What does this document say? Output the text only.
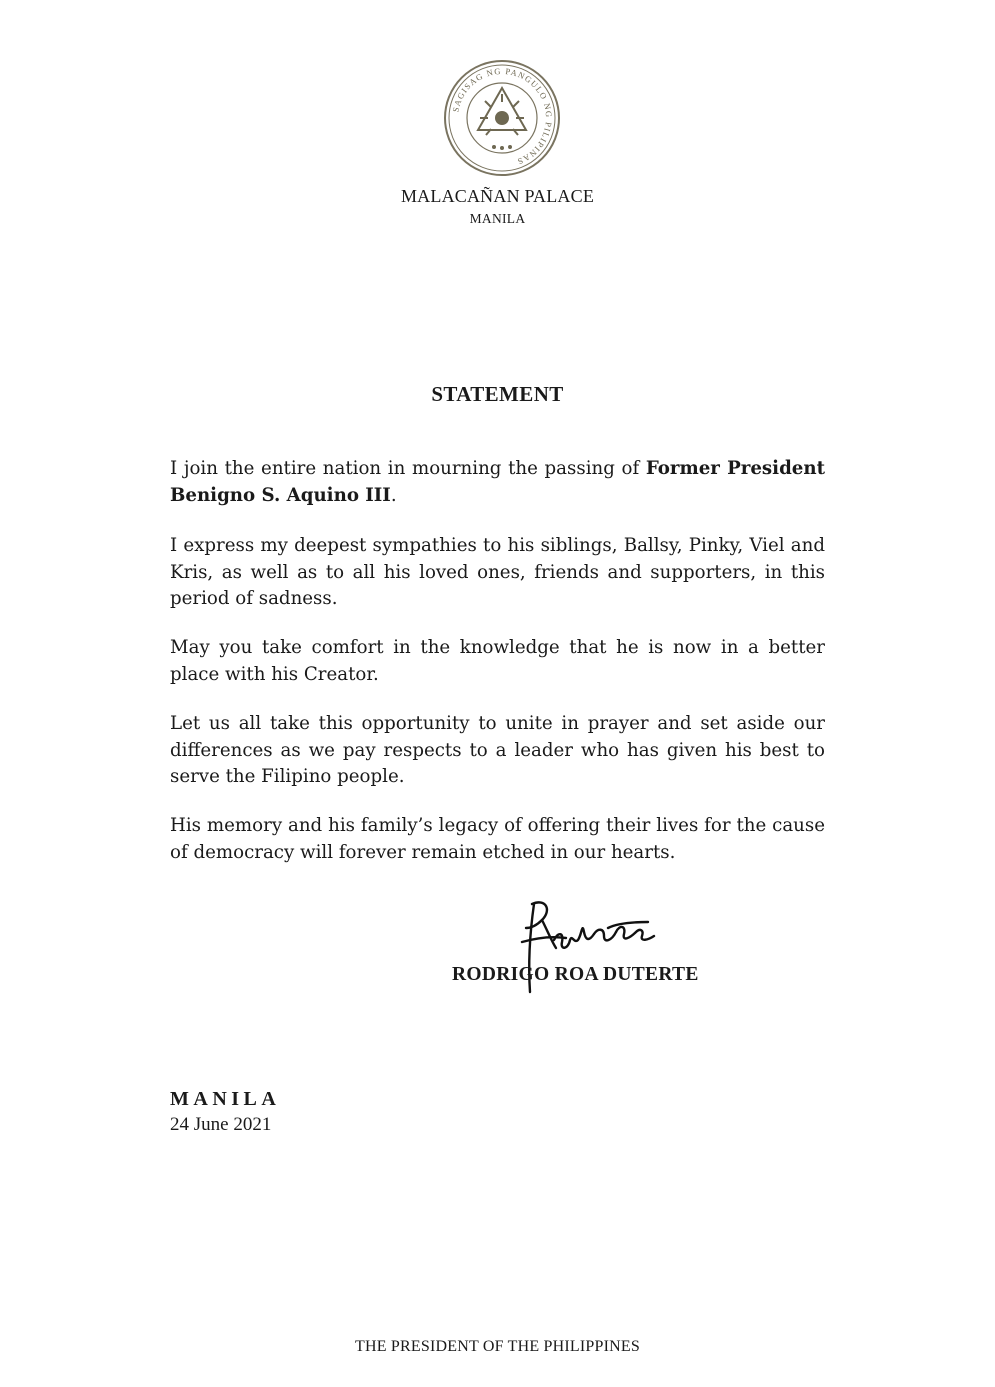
SAGISAG NG PANGULO NG PILIPINAS
MALACAÑAN PALACE
MANILA
STATEMENT

I join the entire nation in mourning the passing of Former President Benigno S. Aquino III.

I express my deepest sympathies to his siblings, Ballsy, Pinky, Viel and Kris, as well as to all his loved ones, friends and supporters, in this period of sadness.

May you take comfort in the knowledge that he is now in a better place with his Creator.

Let us all take this opportunity to unite in prayer and set aside our differences as we pay respects to a leader who has given his best to serve the Filipino people.

His memory and his family’s legacy of offering their lives for the cause of democracy will forever remain etched in our hearts.

RODRIGO ROA DUTERTE
MANILA
24 June 2021
THE PRESIDENT OF THE PHILIPPINES
